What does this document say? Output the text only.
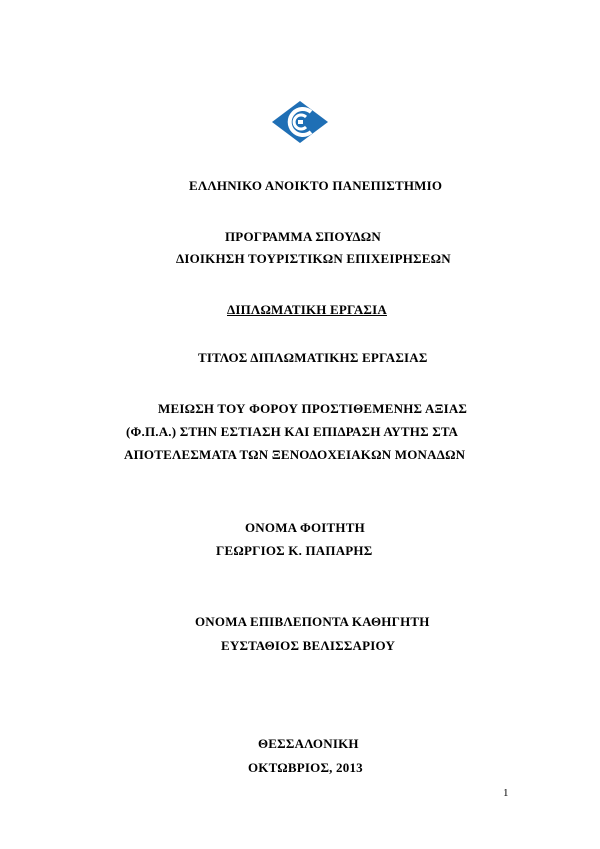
ΕΛΛΗΝΙΚΟ ΑΝΟΙΚΤΟ ΠΑΝΕΠΙΣΤΗΜΙΟ
ΠΡΟΓΡΑΜΜΑ ΣΠΟΥΔΩΝ
ΔΙΟΙΚΗΣΗ ΤΟΥΡΙΣΤΙΚΩΝ ΕΠΙΧΕΙΡΗΣΕΩΝ
ΔΙΠΛΩΜΑΤΙΚΗ ΕΡΓΑΣΙΑ
ΤΙΤΛΟΣ ΔΙΠΛΩΜΑΤΙΚΗΣ ΕΡΓΑΣΙΑΣ
ΜΕΙΩΣΗ ΤΟΥ ΦΟΡΟΥ ΠΡΟΣΤΙΘΕΜΕΝΗΣ ΑΞΙΑΣ
(Φ.Π.Α.) ΣΤΗΝ ΕΣΤΙΑΣΗ ΚΑΙ ΕΠΙΔΡΑΣΗ ΑΥΤΗΣ ΣΤΑ
ΑΠΟΤΕΛΕΣΜΑΤΑ ΤΩΝ ΞΕΝΟΔΟΧΕΙΑΚΩΝ ΜΟΝΑΔΩΝ
ΟΝΟΜΑ ΦΟΙΤΗΤΗ
ΓΕΩΡΓΙΟΣ Κ. ΠΑΠΑΡΗΣ
ΟΝΟΜΑ ΕΠΙΒΛΕΠΟΝΤΑ ΚΑΘΗΓΗΤΗ
ΕΥΣΤΑΘΙΟΣ ΒΕΛΙΣΣΑΡΙΟΥ
ΘΕΣΣΑΛΟΝΙΚΗ
ΟΚΤΩΒΡΙΟΣ, 2013
1
